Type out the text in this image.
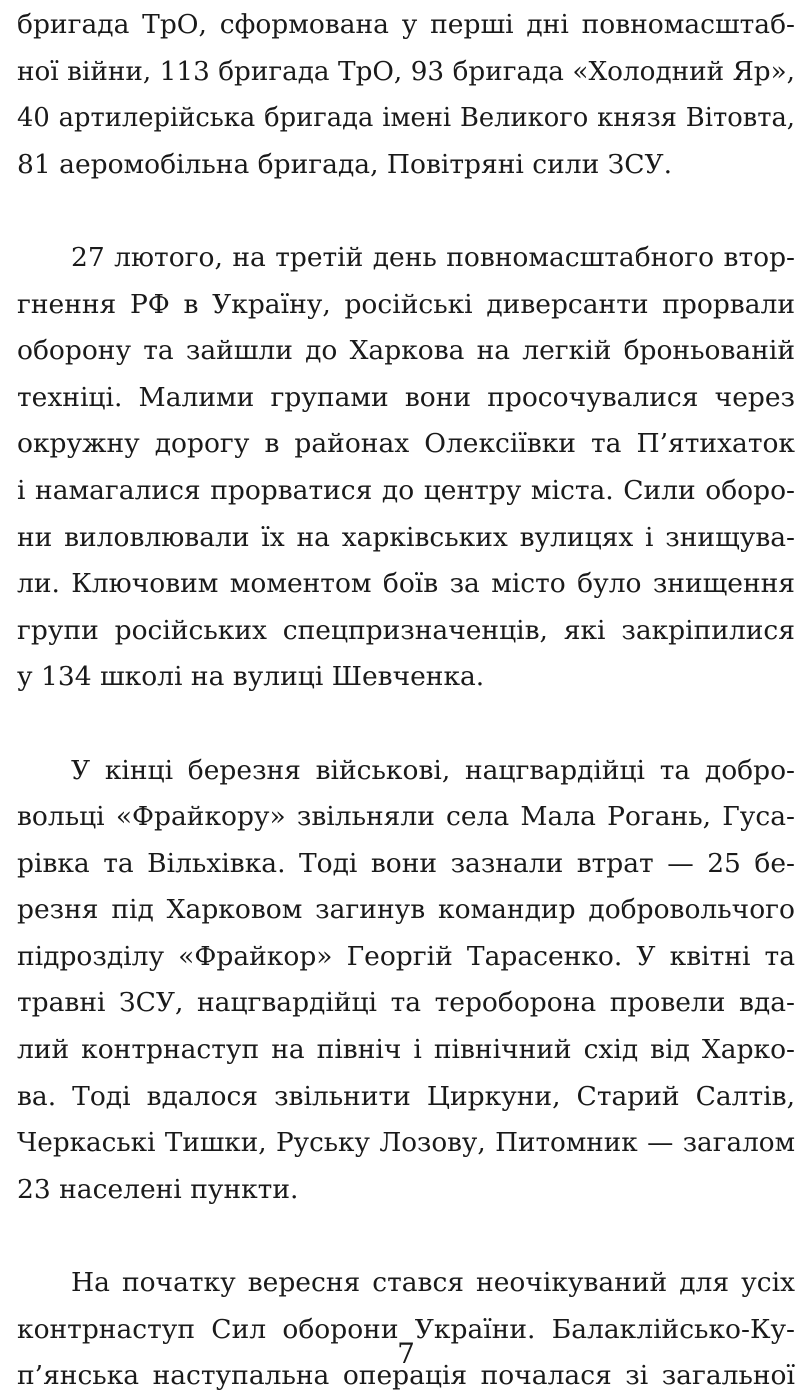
бригада ТрО, сформована у перші дні повномасштаб-
ної війни, 113 бригада ТрО, 93 бригада «Холодний Яр»,
40 артилерійська бригада імені Великого князя Вітовта,
81 аеромобільна бригада, Повітряні сили ЗСУ.
27 лютого, на третій день повномасштабного втор-
гнення РФ в Україну, російські диверсанти прорвали
оборону та зайшли до Харкова на легкій броньованій
техніці. Малими групами вони просочувалися через
окружну дорогу в районах Олексіївки та П’ятихаток
і намагалися прорватися до центру міста. Сили оборо-
ни виловлювали їх на харківських вулицях і знищува-
ли. Ключовим моментом боїв за місто було знищення
групи російських спецпризначенців, які закріпилися
у 134 школі на вулиці Шевченка.
У кінці березня військові, нацгвардійці та добро-
вольці «Фрайкору» звільняли села Мала Рогань, Гуса-
рівка та Вільхівка. Тоді вони зазнали втрат — 25 бе-
резня під Харковом загинув командир добровольчого
підрозділу «Фрайкор» Георгій Тарасенко. У квітні та
травні ЗСУ, нацгвардійці та тероборона провели вда-
лий контрнаступ на північ і північний схід від Харко-
ва. Тоді вдалося звільнити Циркуни, Старий Салтів,
Черкаські Тишки, Руську Лозову, Питомник — загалом
23 населені пункти.
На початку вересня стався неочікуваний для усіх
контрнаступ Сил оборони України. Балаклійсько-Ку-
п’янська наступальна операція почалася зі загальної
7
